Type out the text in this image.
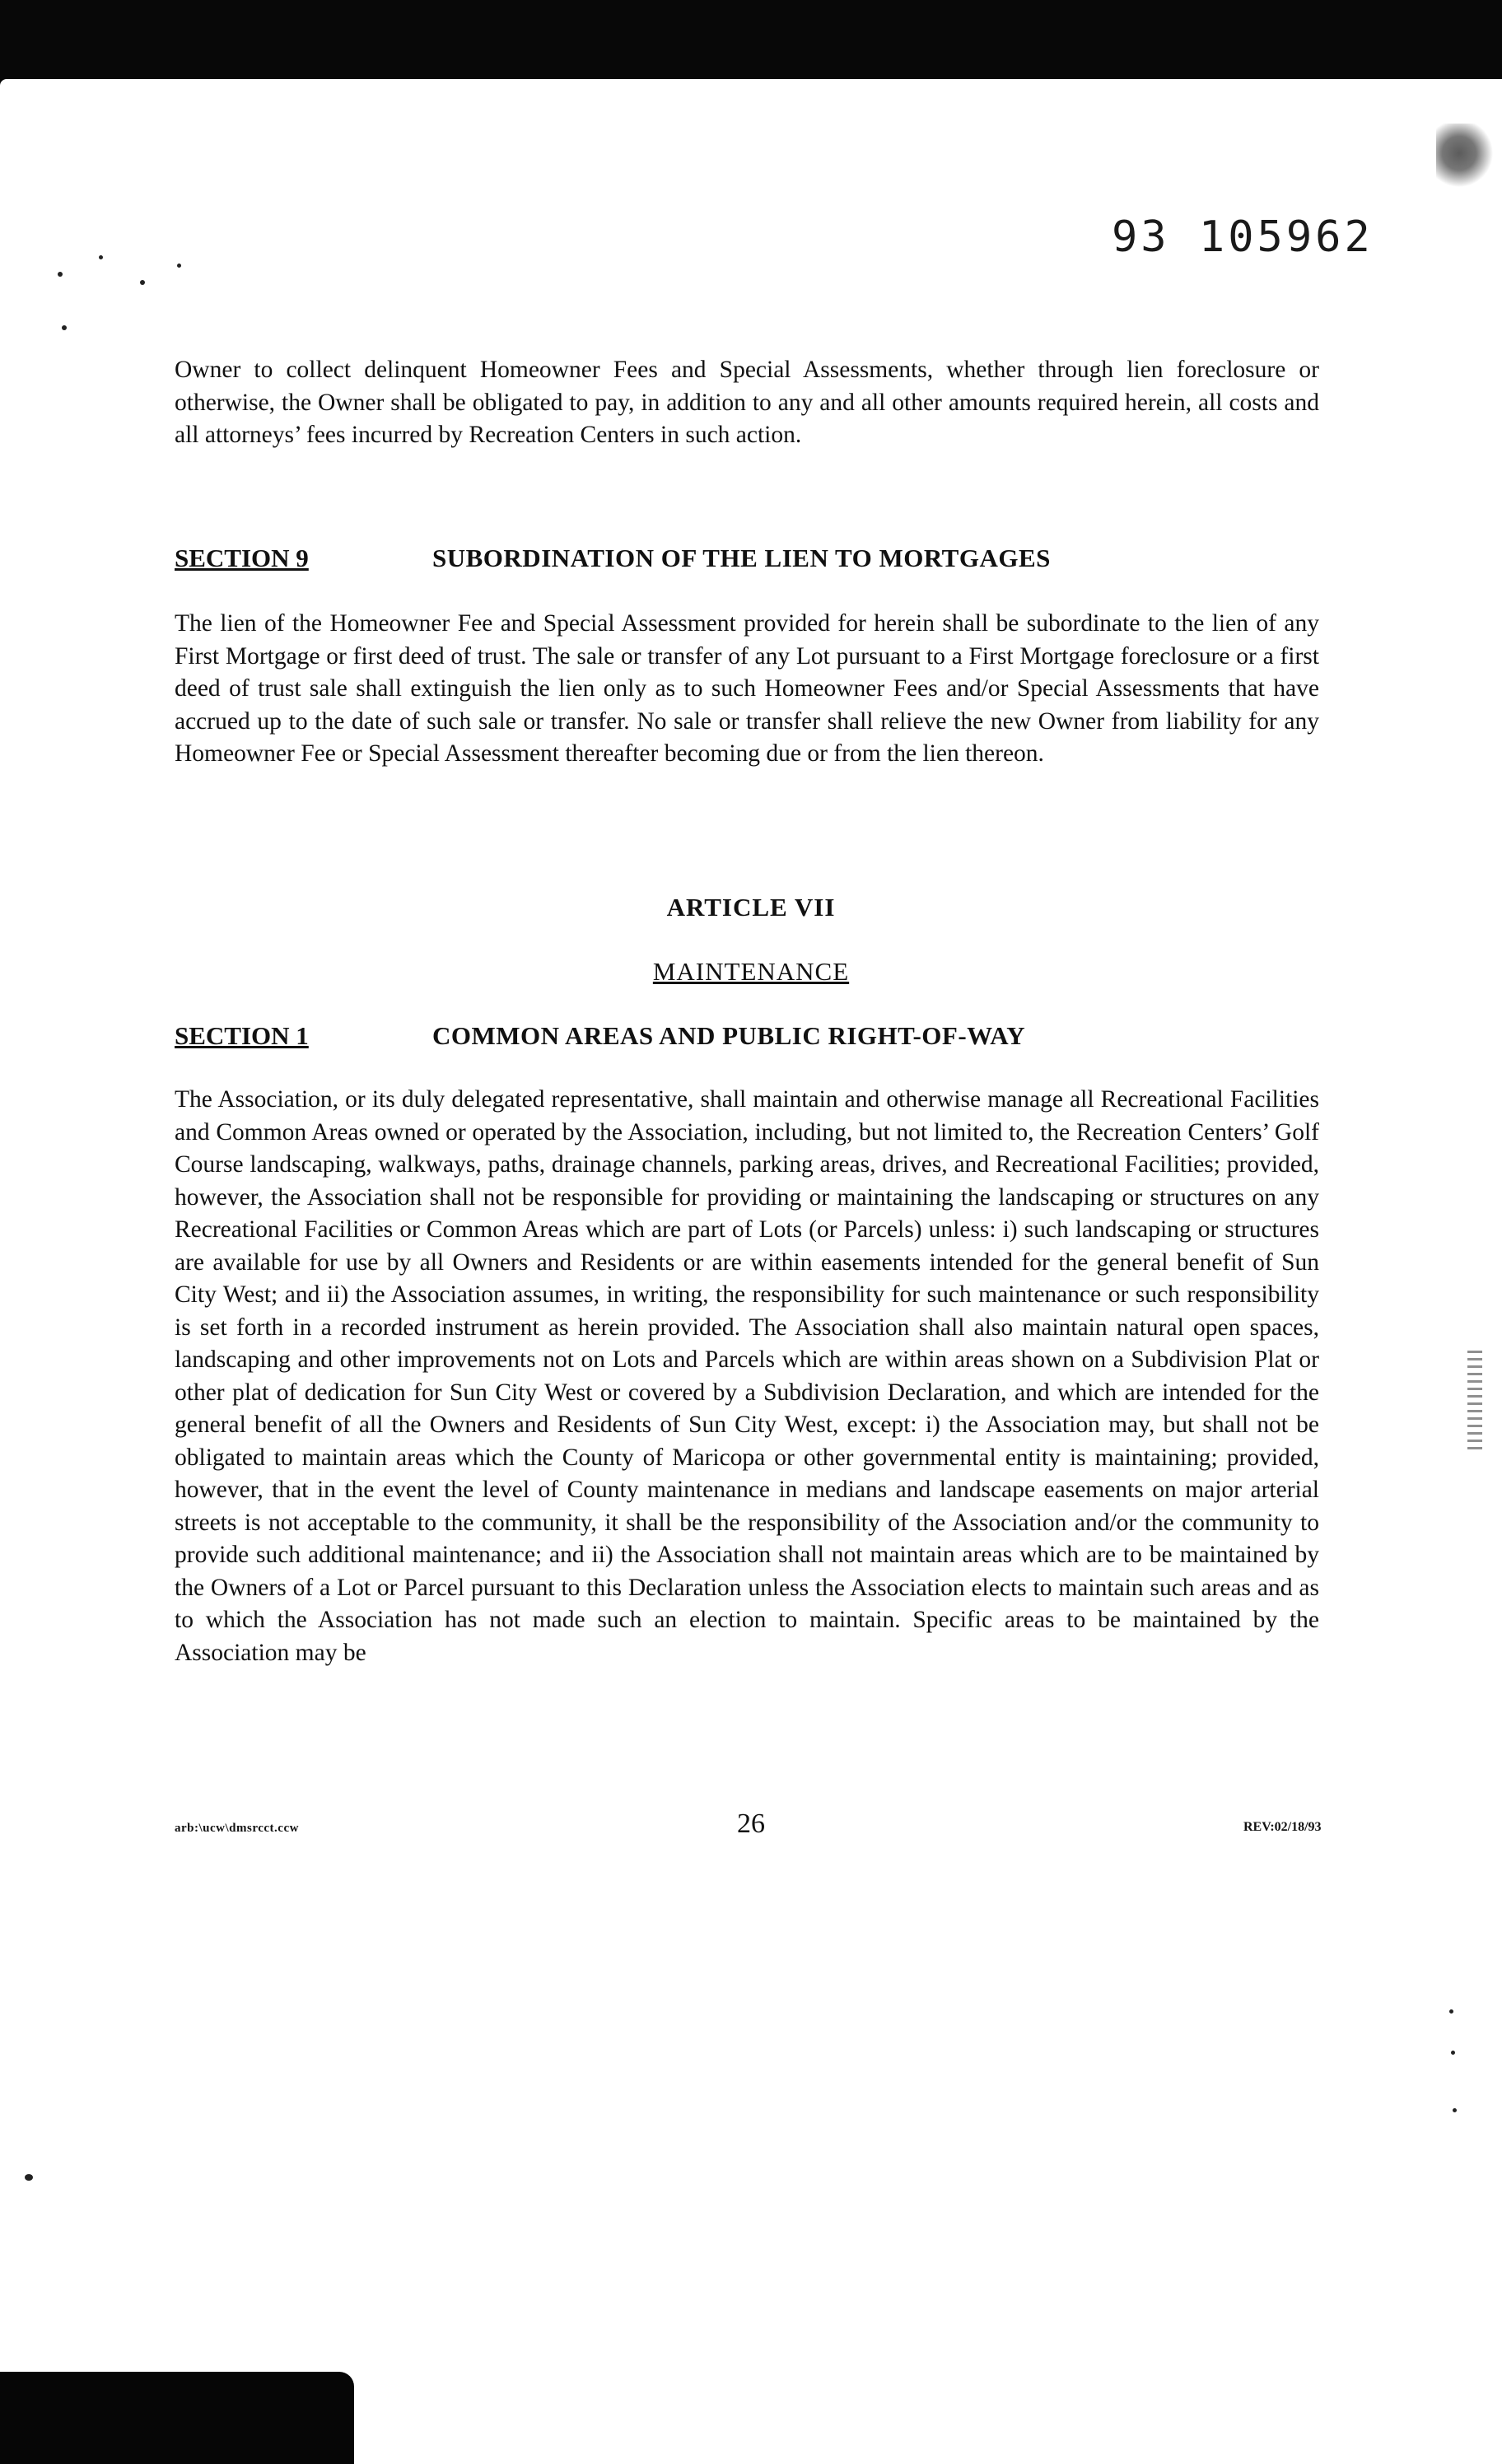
93 105962
Owner to collect delinquent Homeowner Fees and Special Assessments, whether through lien foreclosure or otherwise, the Owner shall be obligated to pay, in addition to any and all other amounts required herein, all costs and all attorneys’ fees incurred by Recreation Centers in such action.
SECTION 9	SUBORDINATION OF THE LIEN TO MORTGAGES
The lien of the Homeowner Fee and Special Assessment provided for herein shall be subordinate to the lien of any First Mortgage or first deed of trust. The sale or transfer of any Lot pursuant to a First Mortgage foreclosure or a first deed of trust sale shall extinguish the lien only as to such Homeowner Fees and/or Special Assessments that have accrued up to the date of such sale or transfer. No sale or transfer shall relieve the new Owner from liability for any Homeowner Fee or Special Assessment thereafter becoming due or from the lien thereon.
ARTICLE VII
MAINTENANCE
SECTION 1	COMMON AREAS AND PUBLIC RIGHT-OF-WAY
The Association, or its duly delegated representative, shall maintain and otherwise manage all Recreational Facilities and Common Areas owned or operated by the Association, including, but not limited to, the Recreation Centers’ Golf Course landscaping, walkways, paths, drainage channels, parking areas, drives, and Recreational Facilities; provided, however, the Association shall not be responsible for providing or maintaining the landscaping or structures on any Recreational Facilities or Common Areas which are part of Lots (or Parcels) unless: i) such landscaping or structures are available for use by all Owners and Residents or are within easements intended for the general benefit of Sun City West; and ii) the Association assumes, in writing, the responsibility for such maintenance or such responsibility is set forth in a recorded instrument as herein provided. The Association shall also maintain natural open spaces, landscaping and other improvements not on Lots and Parcels which are within areas shown on a Subdivision Plat or other plat of dedication for Sun City West or covered by a Subdivision Declaration, and which are intended for the general benefit of all the Owners and Residents of Sun City West, except: i) the Association may, but shall not be obligated to maintain areas which the County of Maricopa or other governmental entity is maintaining; provided, however, that in the event the level of County maintenance in medians and landscape easements on major arterial streets is not acceptable to the community, it shall be the responsibility of the Association and/or the community to provide such additional maintenance; and ii) the Association shall not maintain areas which are to be maintained by the Owners of a Lot or Parcel pursuant to this Declaration unless the Association elects to maintain such areas and as to which the Association has not made such an election to maintain. Specific areas to be maintained by the Association may be
arb:\ucw\dmsrcct.ccw	26	REV:02/18/93
